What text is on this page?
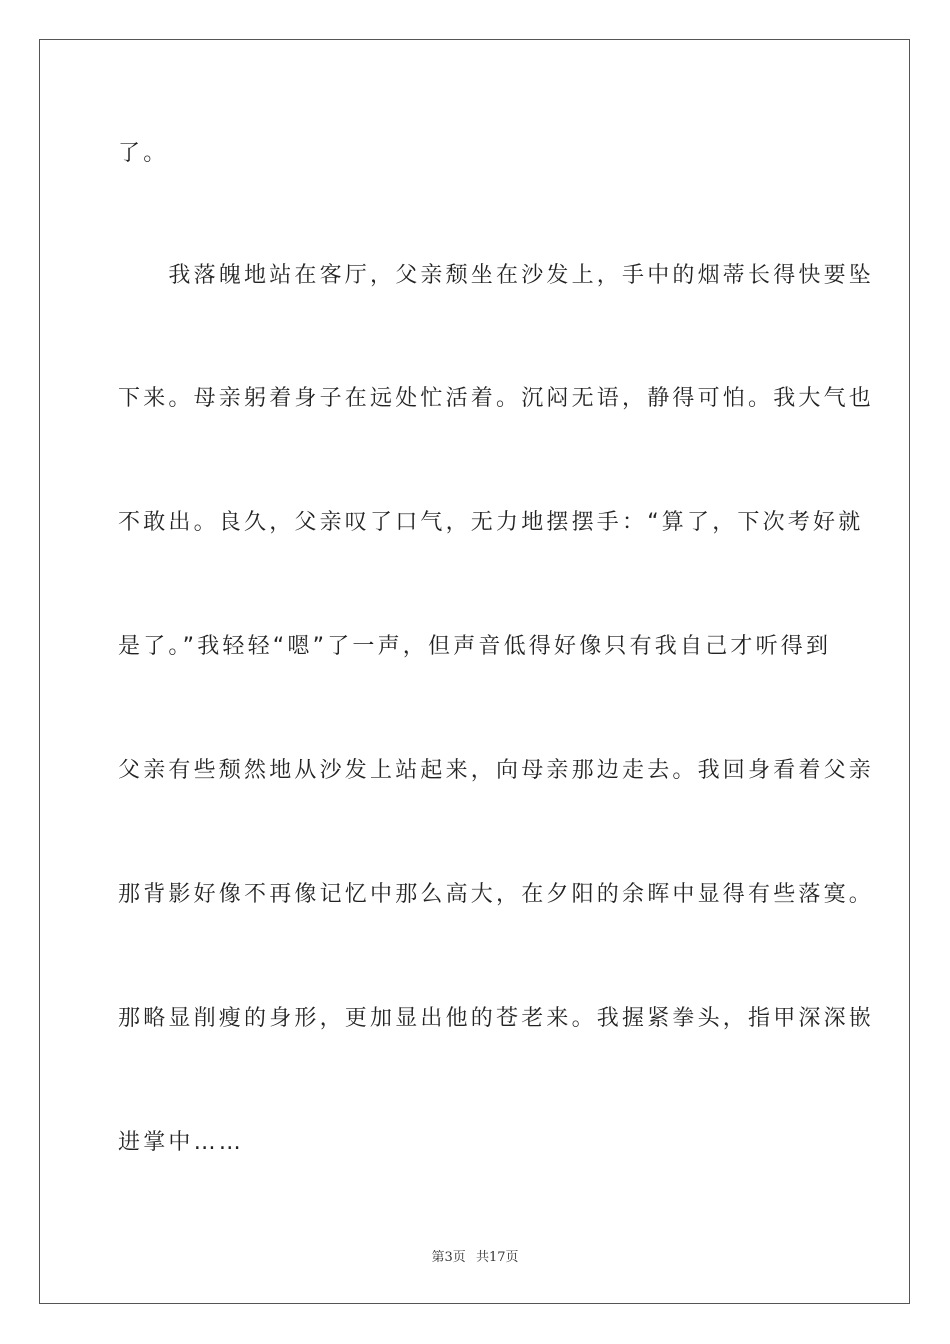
了。
　　我落魄地站在客厅，父亲颓坐在沙发上，手中的烟蒂长得快要坠
下来。母亲躬着身子在远处忙活着。沉闷无语，静得可怕。我大气也
不敢出。良久，父亲叹了口气，无力地摆摆手：“算了，下次考好就
是了。”我轻轻“嗯”了一声，但声音低得好像只有我自己才听得到
父亲有些颓然地从沙发上站起来，向母亲那边走去。我回身看着父亲
那背影好像不再像记忆中那么高大，在夕阳的余晖中显得有些落寞。
那略显削瘦的身形，更加显出他的苍老来。我握紧拳头，指甲深深嵌
进掌中……
第3页 共17页
